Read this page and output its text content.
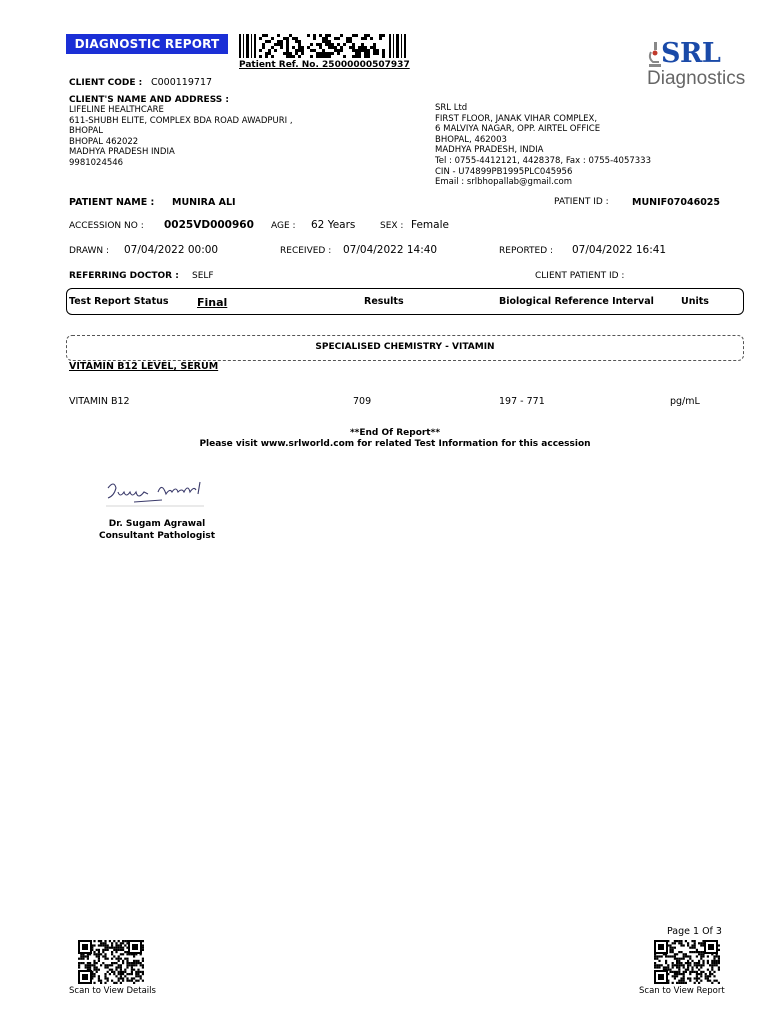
DIAGNOSTIC REPORT
Patient Ref. No. 25000000507937	SRL
Diagnostics
CLIENT CODE : C000119717
CLIENT'S NAME AND ADDRESS :
LIFELINE HEALTHCARE
611-SHUBH ELITE, COMPLEX BDA ROAD AWADPURI ,
BHOPAL
BHOPAL 462022
MADHYA PRADESH INDIA
9981024546
SRL Ltd
FIRST FLOOR, JANAK VIHAR COMPLEX,
6 MALVIYA NAGAR, OPP. AIRTEL OFFICE
BHOPAL, 462003
MADHYA PRADESH, INDIA
Tel : 0755-4412121, 4428378, Fax : 0755-4057333
CIN - U74899PB1995PLC045956
Email : srlbhopallab@gmail.com
PATIENT NAME : MUNIRA ALI	PATIENT ID : MUNIF07046025
ACCESSION NO : 0025VD000960 AGE : 62 Years	SEX : Female
DRAWN : 07/04/2022 00:00	RECEIVED : 07/04/2022 14:40	REPORTED : 07/04/2022 16:41
REFERRING DOCTOR : SELF	CLIENT PATIENT ID :
Test Report Status	Final	Results	Biological Reference Interval	Units
SPECIALISED CHEMISTRY - VITAMIN
VITAMIN B12 LEVEL, SERUM
VITAMIN B12	709	197 - 771	pg/mL
**End Of Report**
Please visit www.srlworld.com for related Test Information for this accession
Dr. Sugam Agrawal
Consultant Pathologist
Page 1 Of 3
Scan to View Details	Scan to View Report
